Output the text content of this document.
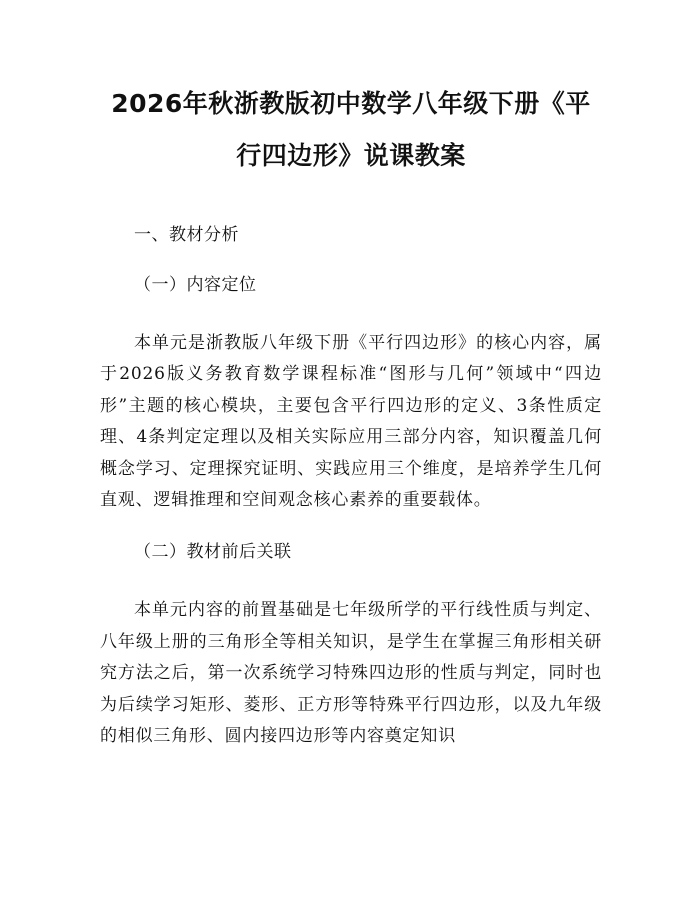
2026年秋浙教版初中数学八年级下册《平行四边形》说课教案

一、教材分析

（一）内容定位

本单元是浙教版八年级下册《平行四边形》的核心内容，属于2026版义务教育数学课程标准“图形与几何”领域中“四边形”主题的核心模块，主要包含平行四边形的定义、3条性质定理、4条判定定理以及相关实际应用三部分内容，知识覆盖几何概念学习、定理探究证明、实践应用三个维度，是培养学生几何直观、逻辑推理和空间观念核心素养的重要载体。

（二）教材前后关联

本单元内容的前置基础是七年级所学的平行线性质与判定、八年级上册的三角形全等相关知识，是学生在掌握三角形相关研究方法之后，第一次系统学习特殊四边形的性质与判定，同时也为后续学习矩形、菱形、正方形等特殊平行四边形，以及九年级的相似三角形、圆内接四边形等内容奠定知识
